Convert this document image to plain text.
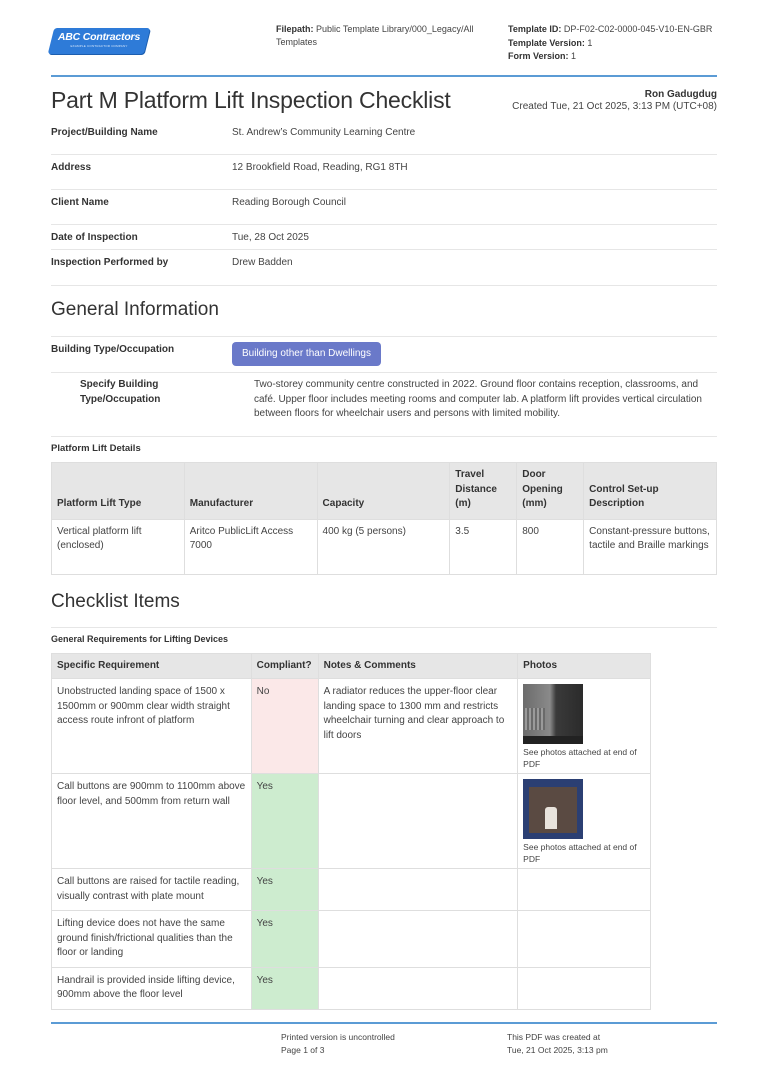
ABC Contractors
EXAMPLE CONTRACTOR COMPANY
Filepath: Public Template Library/000_Legacy/All Templates
Template ID: DP-F02-C02-0000-045-V10-EN-GBR
Template Version: 1
Form Version: 1
Part M Platform Lift Inspection Checklist	Ron Gadugdug
Created Tue, 21 Oct 2025, 3:13 PM (UTC+08)
Project/Building Name	St. Andrew’s Community Learning Centre
Address	12 Brookfield Road, Reading, RG1 8TH
Client Name	Reading Borough Council
Date of Inspection	Tue, 28 Oct 2025
Inspection Performed by	Drew Badden
General Information
Building Type/Occupation	Building other than Dwellings
Specify Building Type/Occupation
Two-storey community centre constructed in 2022. Ground floor contains reception, classrooms, and café. Upper floor includes meeting rooms and computer lab. A platform lift provides vertical circulation between floors for wheelchair users and persons with limited mobility.
Platform Lift Details
Platform Lift Type	Manufacturer	Capacity	Travel Distance (m)	Door Opening (mm)	Control Set-up Description
Vertical platform lift (enclosed)	Aritco PublicLift Access 7000	400 kg (5 persons)	3.5	800	Constant-pressure buttons, tactile and Braille markings
Checklist Items
General Requirements for Lifting Devices
Specific Requirement	Compliant?	Notes & Comments	Photos
Unobstructed landing space of 1500 x 1500mm or 900mm clear width straight access route infront of platform	No	A radiator reduces the upper-floor clear landing space to 1300 mm and restricts wheelchair turning and clear approach to lift doors	See photos attached at end of PDF

Call buttons are 900mm to 1100mm above floor level, and 500mm from return wall	Yes		See photos attached at end of PDF

Call buttons are raised for tactile reading, visually contrast with plate mount	Yes		
Lifting device does not have the same ground finish/frictional qualities than the floor or landing	Yes		
Handrail is provided inside lifting device, 900mm above the floor level	Yes		
Printed version is uncontrolled
Page 1 of 3
This PDF was created at
Tue, 21 Oct 2025, 3:13 pm
